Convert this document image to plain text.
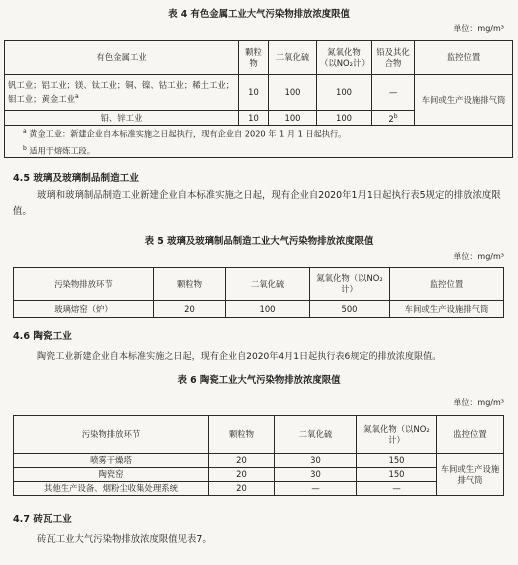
表 4 有色金属工业大气污染物排放浓度限值
单位：mg/m³
有色金属工业	颗粒物	二氧化硫	氮氧化物（以NO₂计）	铅及其化合物	监控位置
钒工业；铝工业；镁、钛工业；铜、镍、钴工业；稀土工业；钼工业；黄金工业$^a$	10	100	100	—	车间或生产设施排气筒
铅、锌工业	10	100	100	2$^b$

$^a$ 黄金工业：新建企业自本标准实施之日起执行，现有企业自 2020 年 1 月 1 日起执行。
$^b$ 适用于熔炼工段。					
4.5 玻璃及玻璃制品制造工业
玻璃和玻璃制品制造工业新建企业自本标准实施之日起，现有企业自2020年1月1日起执行表5规定的排放浓度限值。
表 5 玻璃及玻璃制品制造工业大气污染物排放浓度限值
单位：mg/m³
污染物排放环节	颗粒物	二氧化硫	氮氧化物（以NO₂计）	监控位置
玻璃熔窑（炉）	20	100	500	车间或生产设施排气筒
4.6 陶瓷工业
陶瓷工业新建企业自本标准实施之日起，现有企业自2020年4月1日起执行表6规定的排放浓度限值。
表 6 陶瓷工业大气污染物排放浓度限值
单位：mg/m³
污染物排放环节	颗粒物	二氧化硫	氮氧化物（以NO₂计）	监控位置
喷雾干燥塔	20	30	150	车间或生产设施排气筒
陶瓷窑	20	30	150	
其他生产设备、烟粉尘收集处理系统	20	—	—	
4.7 砖瓦工业
砖瓦工业大气污染物排放浓度限值见表7。
